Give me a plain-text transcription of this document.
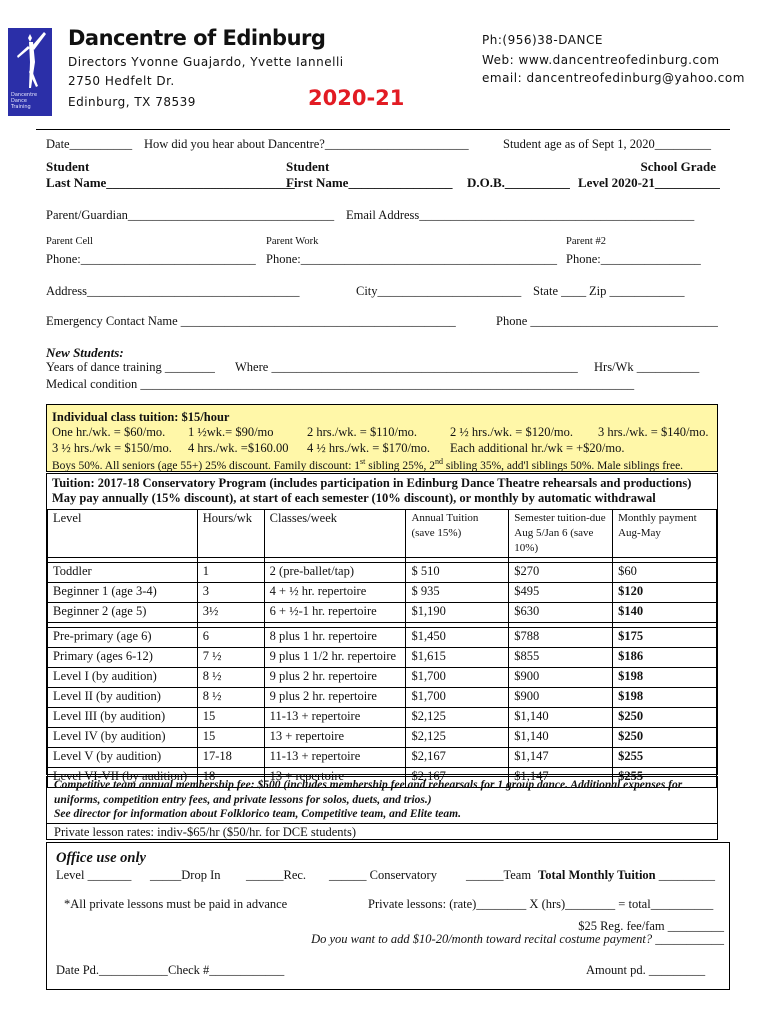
Dancentre
Dance
Training
Dancentre of Edinburg
Directors Yvonne Guajardo, Yvette Iannelli
2750 Hedfelt Dr.
Edinburg, TX 78539	2020-21
Ph:(956)38-DANCE
Web: www.dancentreofedinburg.com
email: dancentreofedinburg@yahoo.com
Date__________ How did you hear about Dancentre?_______________________	Student age as of Sept 1, 2020_________
Student
Last Name_____________________________
Student
First Name________________ D.O.B.__________
School Grade
Level 2020-21__________
Parent/Guardian_________________________________ Email Address____________________________________________
Parent Cell	Parent Work	Parent #2
Phone:____________________________ Phone:_________________________________________ Phone:________________
Address__________________________________	City_______________________ State ____ Zip ____________
Emergency Contact Name ____________________________________________	Phone ______________________________
New Students:
Years of dance training ________ Where _________________________________________________ Hrs/Wk __________
Medical condition _______________________________________________________________________________
Individual class tuition: $15/hour
One hr./wk. = $60/mo. 1 ½wk.= $90/mo	2 hrs./wk. = $110/mo.	2 ½ hrs./wk. = $120/mo. 3 hrs./wk. = $140/mo.
3 ½ hrs./wk = $150/mo. 4 hrs./wk. =$160.00 4 ½ hrs./wk. = $170/mo. Each additional hr./wk = +$20/mo.
Boys 50%. All seniors (age 55+) 25% discount. Family discount: 1st sibling 25%, 2nd sibling 35%, add'l siblings 50%. Male siblings free.
Tuition: 2017-18 Conservatory Program (includes participation in Edinburg Dance Theatre rehearsals and productions)
May pay annually (15% discount), at start of each semester (10% discount), or monthly by automatic withdrawal
Level	Hours/wk	Classes/week	Annual Tuition (save 15%)	Semester tuition-due Aug 5/Jan 6 (save 10%)	Monthly payment Aug-May

Toddler	1	2 (pre-ballet/tap)	$ 510	$270	$60
Beginner 1 (age 3-4)	3	4 + ½ hr. repertoire	$ 935	$495	$120
Beginner 2 (age 5)	3½	6 + ½-1 hr. repertoire	$1,190	$630	$140

Pre-primary (age 6)	6	8 plus 1 hr. repertoire	$1,450	$788	$175
Primary (ages 6-12)	7 ½	9 plus 1 1/2 hr. repertoire	$1,615	$855	$186
Level I (by audition)	8 ½	9 plus 2 hr. repertoire	$1,700	$900	$198
Level II (by audition)	8 ½	9 plus 2 hr. repertoire	$1,700	$900	$198
Level III (by audition)	15	11-13 + repertoire	$2,125	$1,140	$250
Level IV (by audition)	15	13 + repertoire	$2,125	$1,140	$250
Level V (by audition)	17-18	11-13 + repertoire	$2,167	$1,147	$255
Level VI-VII (by audition)	18	13 + repertoire	$2,167	$1,147	$255
Competitive team annual membership fee: $500 (includes membership fee and rehearsals for 1 group dance. Additional expenses for
uniforms, competition entry fees, and private lessons for solos, duets, and trios.)
See director for information about Folklorico team, Competitive team, and Elite team.
Private lesson rates: indiv-$65/hr ($50/hr. for DCE students)
Office use only
Level _______ _____Drop In ______Rec. ______ Conservatory ______Team Total Monthly Tuition _________
*All private lessons must be paid in advance	Private lessons: (rate)________ X (hrs)________ = total__________
$25 Reg. fee/fam _________
Do you want to add $10-20/month toward recital costume payment? ___________
Date Pd.___________ Check #____________	Amount pd. _________
